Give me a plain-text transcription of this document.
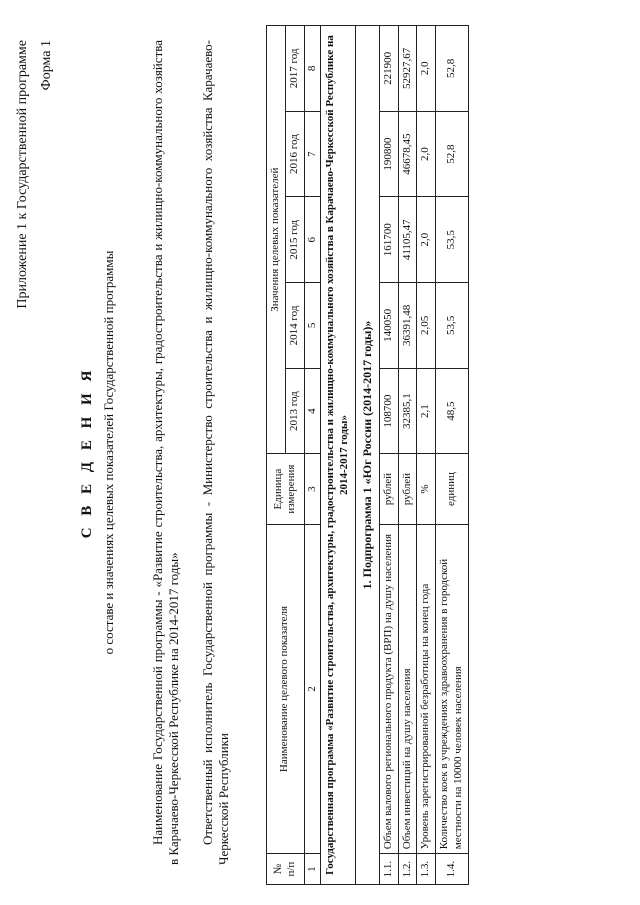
Приложение 1 к Государственной программе Форма 1
С В Е Д Е Н И Я о составе и значениях целевых показателей Государственной программы	Наименование Государственной программы - «Развитие строительства, архитектуры, градостроительства и жилищно-коммунального хозяйства в Карачаево-Черкесской Республике на 2014-2017 годы» Ответственный исполнитель Государственной программы - Министерство строительства и жилищно-коммунального хозяйства Карачаево-Черкесской Республики
№ п/п	Наименование целевого показателя	Единица измерения	Значения целевых показателей				
			2013 год	2014 год	2015 год	2016 год	2017 год
1	2	3	4	5	6	7	8
Государственная программа «Развитие строительства, архитектуры, градостроительства и жилищно-коммунального хозяйства в Карачаево-Черкесской Республике на 2014-2017 годы»							
1. Подпрограмма 1 «Юг России (2014-2017 годы)»							
1.1.	Объем валового регионального продукта (ВРП) на душу населения	рублей	108700	140050	161700	190800	221900
1.2.	Объем инвестиций на душу населения	рублей	32385,1	36391,48	41105,47	46678,45	52927,67
1.3.	Уровень зарегистрированной безработицы на конец года	%	2,1	2,05	2,0	2,0	2,0
1.4.	Количество коек в учреждениях здравоохранения в городской местности на 10000 человек населения	единиц	48,5	53,5	53,5	52,8	52,8
